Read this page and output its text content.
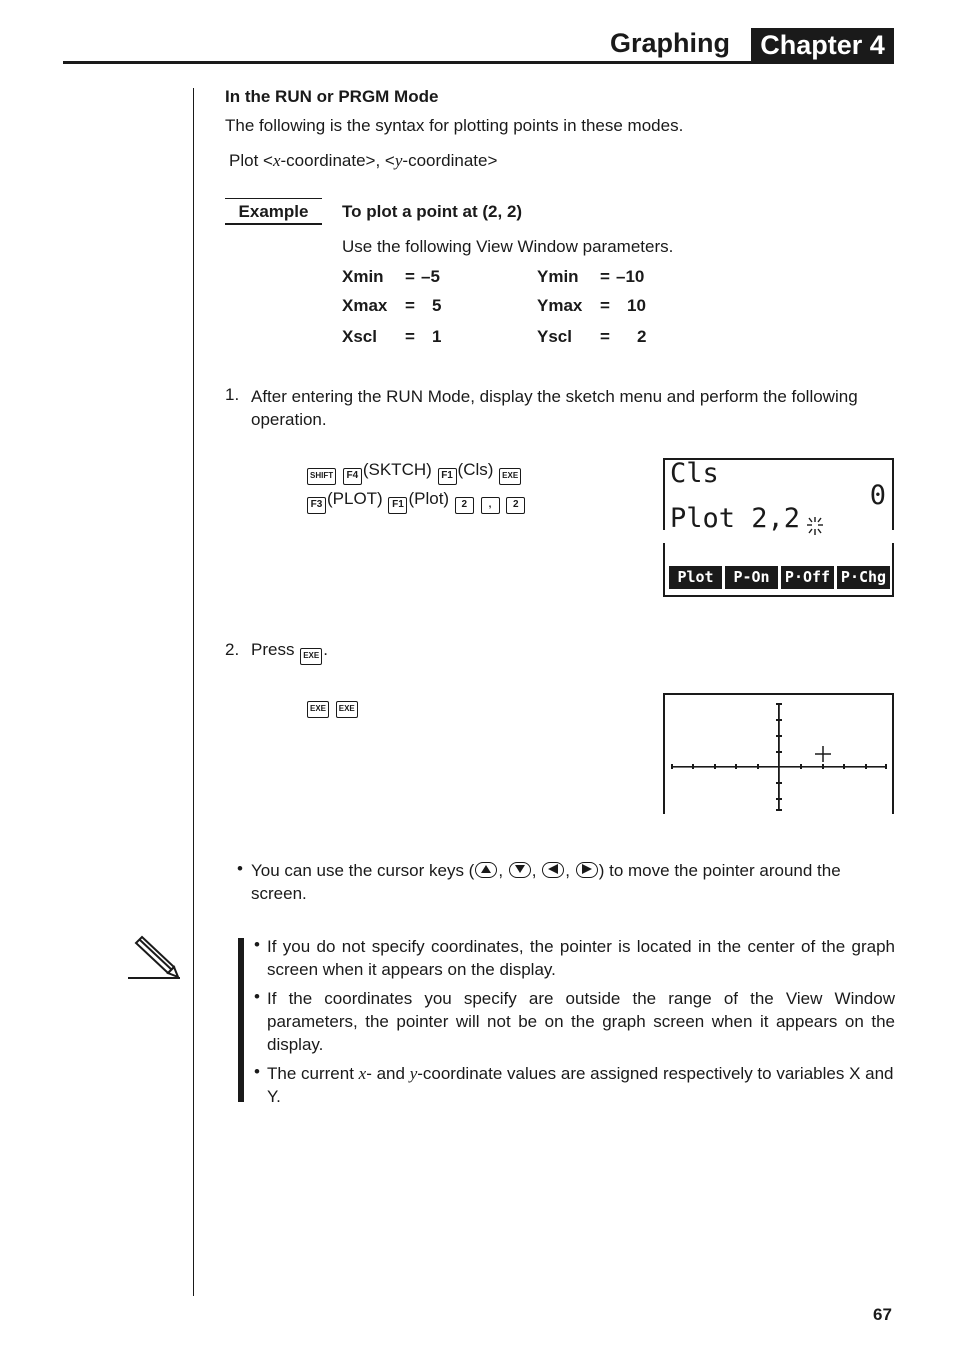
Graphing	Chapter 4
In the RUN or PRGM Mode
The following is the syntax for plotting points in these modes.
Plot <x-coordinate>, <y-coordinate>
Example	To plot a point at (2, 2)
Use the following View Window parameters.
Xmin = –5	Ymin = –10
Xmax = 5	Ymax = 10
Xscl = 1	Yscl = 2
1. After entering the RUN Mode, display the sketch menu and perform the following operation.
SHIFT F4 (SKTCH) F1 (Cls) EXE
F3 (PLOT) F1 (Plot) 2 , 2
Cls
0
Plot 2,2
Plot	P-On	P·Off P·Chg
2. Press EXE .
EXE EXE
• You can use the cursor keys ( , , , ) to move the pointer around the screen.
• If you do not specify coordinates, the pointer is located in the center of the graph screen when it appears on the display.
• If the coordinates you specify are outside the range of the View Window parameters, the pointer will not be on the graph screen when it appears on the display.
• The current x- and y-coordinate values are assigned respectively to variables X and Y.
67
